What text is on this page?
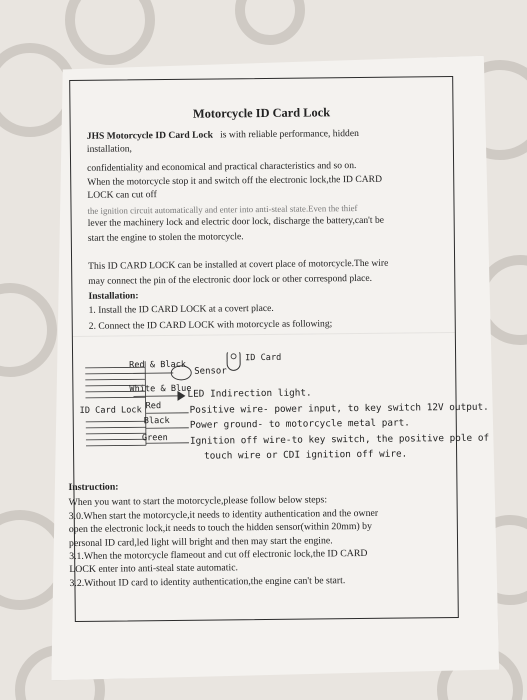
Motorcycle ID Card Lock
JHS Motorcycle ID Card Lock is with reliable performance, hidden
installation,
confidentiality and economical and practical characteristics and so on.
When the motorcycle stop it and switch off the electronic lock,the ID CARD
LOCK can cut off
the ignition circuit automatically and enter into anti-steal state.Even the thief
lever the machinery lock and electric door lock, discharge the battery,can't be
start the engine to stolen the motorcycle.
This ID CARD LOCK can be installed at covert place of motorcycle.The wire
may connect the pin of the electronic door lock or other correspond place.
Installation:
1. Install the ID CARD LOCK at a covert place.
2. Connect the ID CARD LOCK with motorcycle as following;
ID Card
Red & Black
Sensor
White & Blue
LED Indirection light.
ID Card Lock Red	Positive wire- power input, to key switch 12V output.
Black Power ground- to motorcycle metal part.
Green Ignition off wire-to key switch, the positive pole of
touch wire or CDI ignition off wire.
Instruction:
When you want to start the motorcycle,please follow below steps:
3.0.When start the motorcycle,it needs to identity authentication and the owner
open the electronic lock,it needs to touch the hidden sensor(within 20mm) by
personal ID card,led light will bright and then may start the engine.
3.1.When the motorcycle flameout and cut off electronic lock,the ID CARD
LOCK enter into anti-steal state automatic.
3.2.Without ID card to identity authentication,the engine can't be start.
